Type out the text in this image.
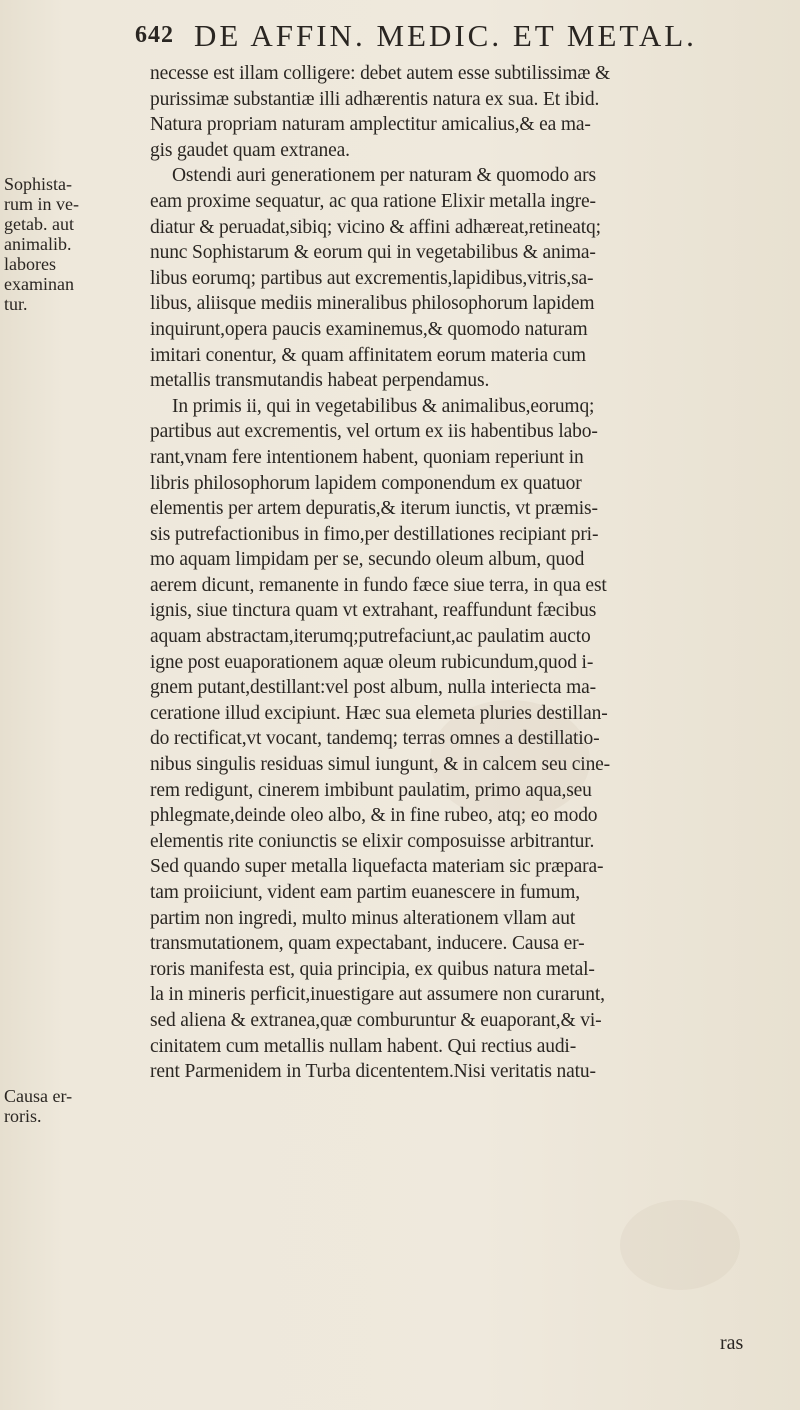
642 DE AFFIN. MEDIC. ET METAL.
Sophista-
rum in ve-
getab. aut
animalib.
labores
examinan
tur.
Causa er-
roris.
necesse est illam colligere: debet autem esse subtilissimæ &
purissimæ substantiæ illi adhærentis natura ex sua. Et ibid.
Natura propriam naturam amplectitur amicalius,& ea ma-
gis gaudet quam extranea.
Ostendi auri generationem per naturam & quomodo ars
eam proxime sequatur, ac qua ratione Elixir metalla ingre-
diatur & peruadat,sibiq; vicino & affini adhæreat,retineatq;
nunc Sophistarum & eorum qui in vegetabilibus & anima-
libus eorumq; partibus aut excrementis,lapidibus,vitris,sa-
libus, aliisque mediis mineralibus philosophorum lapidem
inquirunt,opera paucis examinemus,& quomodo naturam
imitari conentur, & quam affinitatem eorum materia cum
metallis transmutandis habeat perpendamus.
In primis ii, qui in vegetabilibus & animalibus,eorumq;
partibus aut excrementis, vel ortum ex iis habentibus labo-
rant,vnam fere intentionem habent, quoniam reperiunt in
libris philosophorum lapidem componendum ex quatuor
elementis per artem depuratis,& iterum iunctis, vt præmis-
sis putrefactionibus in fimo,per destillationes recipiant pri-
mo aquam limpidam per se, secundo oleum album, quod
aerem dicunt, remanente in fundo fæce siue terra, in qua est
ignis, siue tinctura quam vt extrahant, reaffundunt fæcibus
aquam abstractam,iterumq;putrefaciunt,ac paulatim aucto
igne post euaporationem aquæ oleum rubicundum,quod i-
gnem putant,destillant:vel post album, nulla interiecta ma-
ceratione illud excipiunt. Hæc sua elemeta pluries destillan-
do rectificat,vt vocant, tandemq; terras omnes a destillatio-
nibus singulis residuas simul iungunt, & in calcem seu cine-
rem redigunt, cinerem imbibunt paulatim, primo aqua,seu
phlegmate,deinde oleo albo, & in fine rubeo, atq; eo modo
elementis rite coniunctis se elixir composuisse arbitrantur.
Sed quando super metalla liquefacta materiam sic præpara-
tam proiiciunt, vident eam partim euanescere in fumum,
partim non ingredi, multo minus alterationem vllam aut
transmutationem, quam expectabant, inducere. Causa er-
roris manifesta est, quia principia, ex quibus natura metal-
la in mineris perficit,inuestigare aut assumere non curarunt,
sed aliena & extranea,quæ comburuntur & euaporant,& vi-
cinitatem cum metallis nullam habent. Qui rectius audi-
rent Parmenidem in Turba dicententem.Nisi veritatis natu-
ras
